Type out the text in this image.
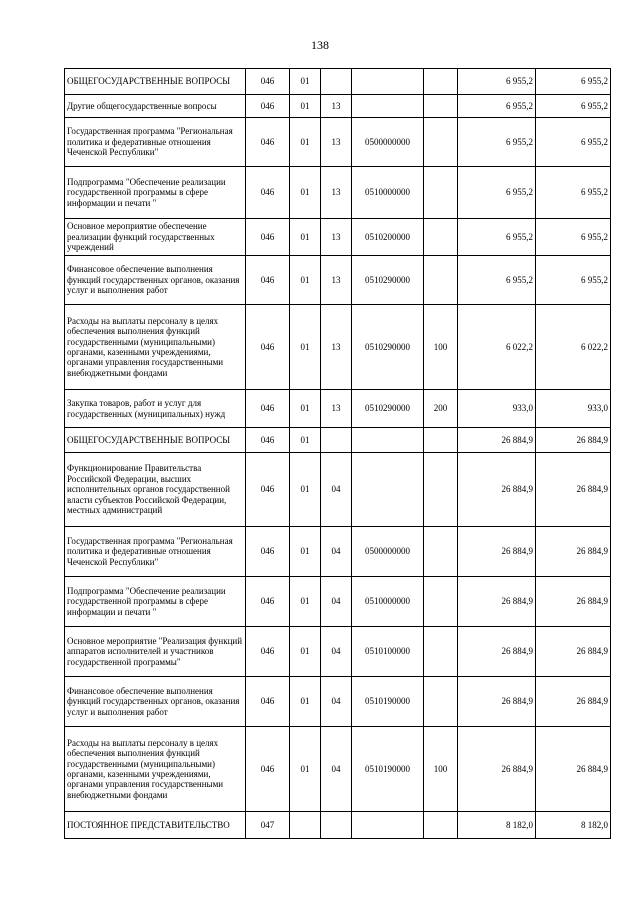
138
ОБЩЕГОСУДАРСТВЕННЫЕ ВОПРОСЫ	046	01				6 955,2	6 955,2
Другие общегосударственные вопросы	046	01	13			6 955,2	6 955,2
Государственная программа "Региональная политика и федеративные отношения Чеченской Республики"	046	01	13	0500000000		6 955,2	6 955,2
Подпрограмма "Обеспечение реализации государственной программы в сфере информации и печати "	046	01	13	0510000000		6 955,2	6 955,2
Основное мероприятие обеспечение реализации функций государственных учреждений	046	01	13	0510200000		6 955,2	6 955,2
Финансовое обеспечение выполнения функций государственных органов, оказания услуг и выполнения работ	046	01	13	0510290000		6 955,2	6 955,2
Расходы на выплаты персоналу в целях обеспечения выполнения функций государственными (муниципальными) органами, казенными учреждениями, органами управления государственными внебюджетными фондами	046	01	13	0510290000	100	6 022,2	6 022,2
Закупка товаров, работ и услуг для государственных (муниципальных) нужд	046	01	13	0510290000	200	933,0	933,0
ОБЩЕГОСУДАРСТВЕННЫЕ ВОПРОСЫ	046	01				26 884,9	26 884,9
Функционирование Правительства Российской Федерации, высших исполнительных органов государственной власти субъектов Российской Федерации, местных администраций	046	01	04			26 884,9	26 884,9
Государственная программа "Региональная политика и федеративные отношения Чеченской Республики"	046	01	04	0500000000		26 884,9	26 884,9
Подпрограмма "Обеспечение реализации государственной программы в сфере информации и печати "	046	01	04	0510000000		26 884,9	26 884,9
Основное мероприятие "Реализация функций аппаратов исполнителей и участников государственной программы"	046	01	04	0510100000		26 884,9	26 884,9
Финансовое обеспечение выполнения функций государственных органов, оказания услуг и выполнения работ	046	01	04	0510190000		26 884,9	26 884,9
Расходы на выплаты персоналу в целях обеспечения выполнения функций государственными (муниципальными) органами, казенными учреждениями, органами управления государственными внебюджетными фондами	046	01	04	0510190000	100	26 884,9	26 884,9
ПОСТОЯННОЕ ПРЕДСТАВИТЕЛЬСТВО	047					8 182,0	8 182,0
